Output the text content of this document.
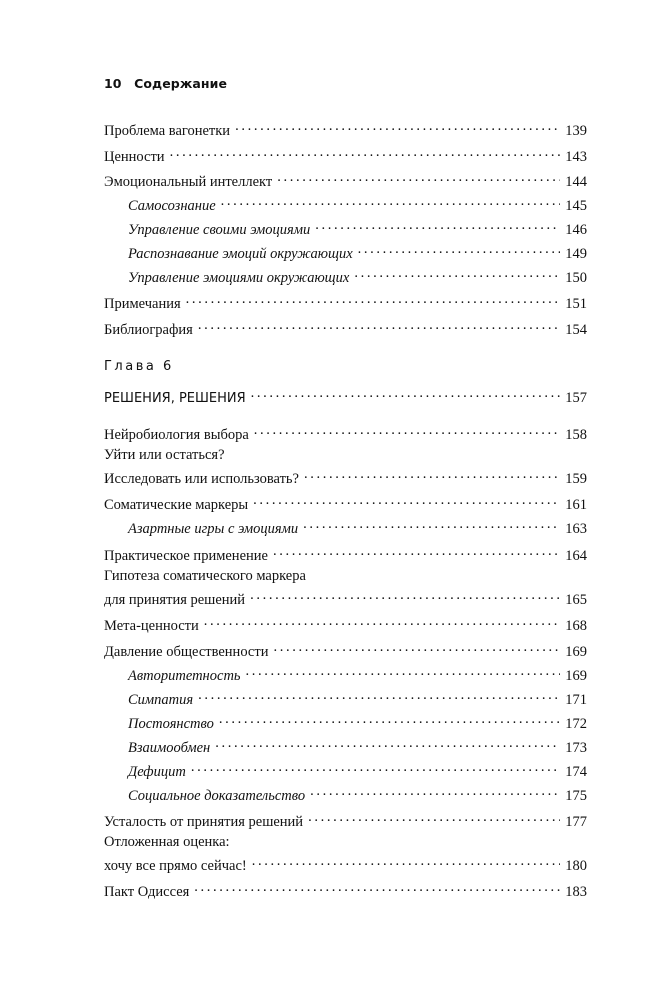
10 Содержание
Проблема вагонетки . . .	139
Ценности . . .	143
Эмоциональный интеллект . . .	144
Самосознание . . .	145
Управление своими эмоциями . . .	146
Распознавание эмоций окружающих . . .	149
Управление эмоциями окружающих . . .	150
Примечания . . .	151
Библиография . . .	154
Глава 6
РЕШЕНИЯ, РЕШЕНИЯ . . .	157
Нейробиология выбора . . .	158
Уйти или остаться?
Исследовать или использовать? . . .	159
Соматические маркеры . . .	161
Азартные игры с эмоциями . . .	163
Практическое применение . . .	164
Гипотеза соматического маркера
для принятия решений . . .	165
Мета-ценности . . .	168
Давление общественности . . .	169
Авторитетность . . .	169
Симпатия . . .	171
Постоянство . . .	172
Взаимообмен . . .	173
Дефицит . . .	174
Социальное доказательство . . .	175
Усталость от принятия решений . . .	177
Отложенная оценка:
хочу все прямо сейчас! . . .	180
Пакт Одиссея . . .	183
